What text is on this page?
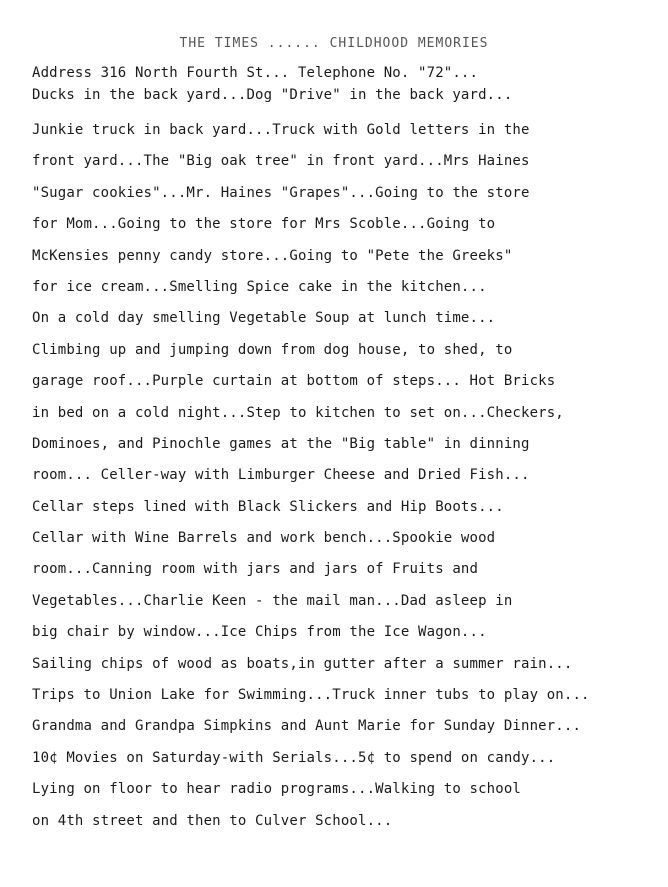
THE TIMES ...... CHILDHOOD MEMORIES
Address 316 North Fourth St... Telephone No. "72"...
Ducks in the back yard...Dog "Drive" in the back yard...
Junkie truck in back yard...Truck with Gold letters in the
front yard...The "Big oak tree" in front yard...Mrs Haines
"Sugar cookies"...Mr. Haines "Grapes"...Going to the store
for Mom...Going to the store for Mrs Scoble...Going to
McKensies penny candy store...Going to "Pete the Greeks"
for ice cream...Smelling Spice cake in the kitchen...
On a cold day smelling Vegetable Soup at lunch time...
Climbing up and jumping down from dog house, to shed, to
garage roof...Purple curtain at bottom of steps... Hot Bricks
in bed on a cold night...Step to kitchen to set on...Checkers,
Dominoes, and Pinochle games at the "Big table" in dinning
room... Celler-way with Limburger Cheese and Dried Fish...
Cellar steps lined with Black Slickers and Hip Boots...
Cellar with Wine Barrels and work bench...Spookie wood
room...Canning room with jars and jars of Fruits and
Vegetables...Charlie Keen - the mail man...Dad asleep in
big chair by window...Ice Chips from the Ice Wagon...
Sailing chips of wood as boats,in gutter after a summer rain...
Trips to Union Lake for Swimming...Truck inner tubs to play on...
Grandma and Grandpa Simpkins and Aunt Marie for Sunday Dinner...
10¢ Movies on Saturday-with Serials...5¢ to spend on candy...
Lying on floor to hear radio programs...Walking to school
on 4th street and then to Culver School...
